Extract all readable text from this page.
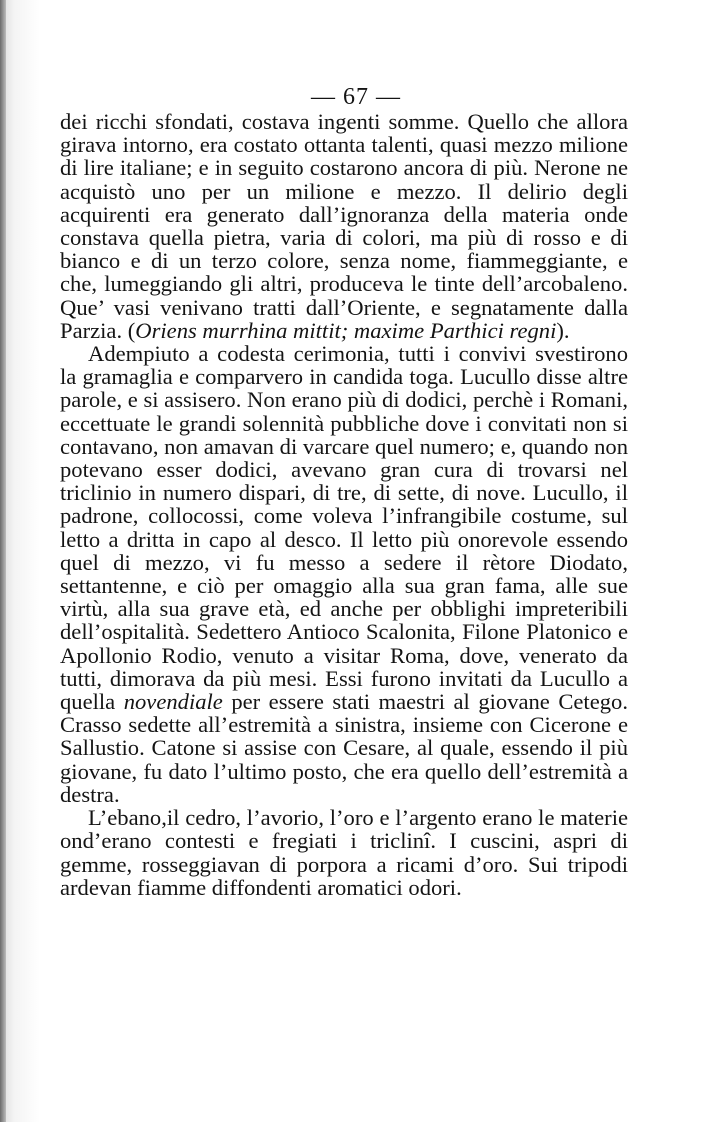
— 67 —

dei ricchi sfondati, costava ingenti somme. Quello che allora girava intorno, era costato ottanta talenti, quasi mezzo milione di lire italiane; e in seguito costarono ancora di più. Nerone ne acquistò uno per un milione e mezzo. Il delirio degli acquirenti era generato dall’ignoranza della materia onde constava quella pietra, varia di colori, ma più di rosso e di bianco e di un terzo colore, senza nome, fiammeggiante, e che, lumeggiando gli altri, produceva le tinte dell’arcobaleno. Que’ vasi venivano tratti dall’Oriente, e segnatamente dalla Parzia. (Oriens murrhina mittit; maxime Parthici regni).

Adempiuto a codesta cerimonia, tutti i convivi svestirono la gramaglia e comparvero in candida toga. Lucullo disse altre parole, e si assisero. Non erano più di dodici, perchè i Romani, eccettuate le grandi solennità pubbliche dove i convitati non si contavano, non amavan di varcare quel numero; e, quando non potevano esser dodici, avevano gran cura di trovarsi nel triclinio in numero dispari, di tre, di sette, di nove. Lucullo, il padrone, collocossi, come voleva l’infrangibile costume, sul letto a dritta in capo al desco. Il letto più onorevole essendo quel di mezzo, vi fu messo a sedere il rètore Diodato, settantenne, e ciò per omaggio alla sua gran fama, alle sue virtù, alla sua grave età, ed anche per obblighi impreteribili dell’ospitalità. Sedettero Antioco Scalonita, Filone Platonico e Apollonio Rodio, venuto a visitar Roma, dove, venerato da tutti, dimorava da più mesi. Essi furono invitati da Lucullo a quella novendiale per essere stati maestri al giovane Cetego. Crasso sedette all’estremità a sinistra, insieme con Cicerone e Sallustio. Catone si assise con Cesare, al quale, essendo il più giovane, fu dato l’ultimo posto, che era quello dell’estremità a destra.

L’ebano,il cedro, l’avorio, l’oro e l’argento erano le materie ond’erano contesti e fregiati i triclinî. I cuscini, aspri di gemme, rosseggiavan di porpora a ricami d’oro. Sui tripodi ardevan fiamme diffondenti aromatici odori.
